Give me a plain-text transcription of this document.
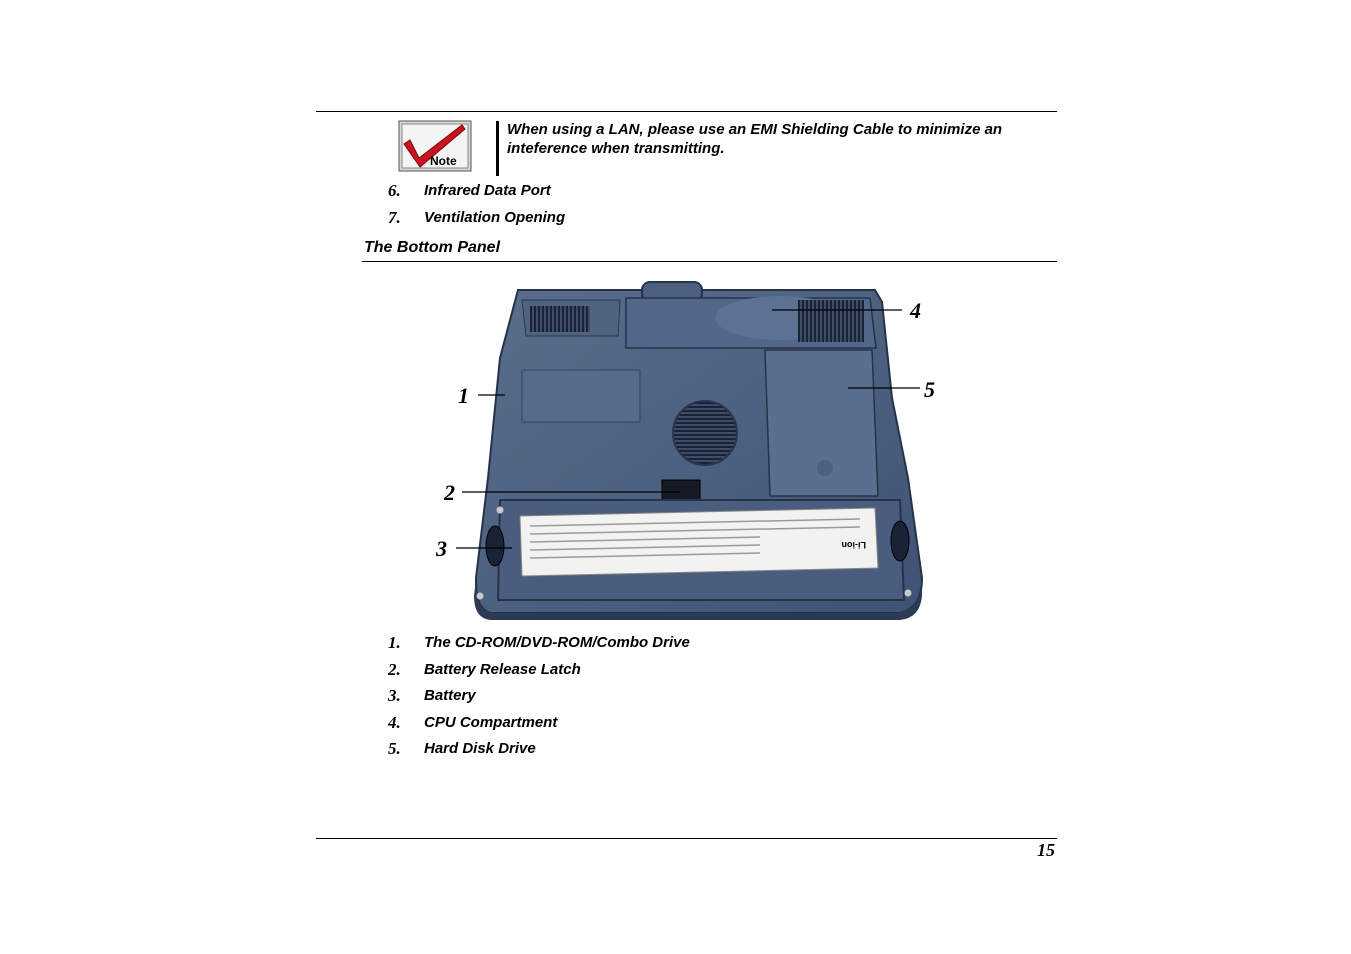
Note
When using a LAN, please use an EMI Shielding Cable to minimize an inteference when transmitting.
6. Infrared Data Port
7. Ventilation Opening
The Bottom Panel
Li-ion
1
2
3
4
5
1. The CD-ROM/DVD-ROM/Combo Drive
2. Battery Release Latch
3. Battery
4. CPU Compartment
5. Hard Disk Drive
15
